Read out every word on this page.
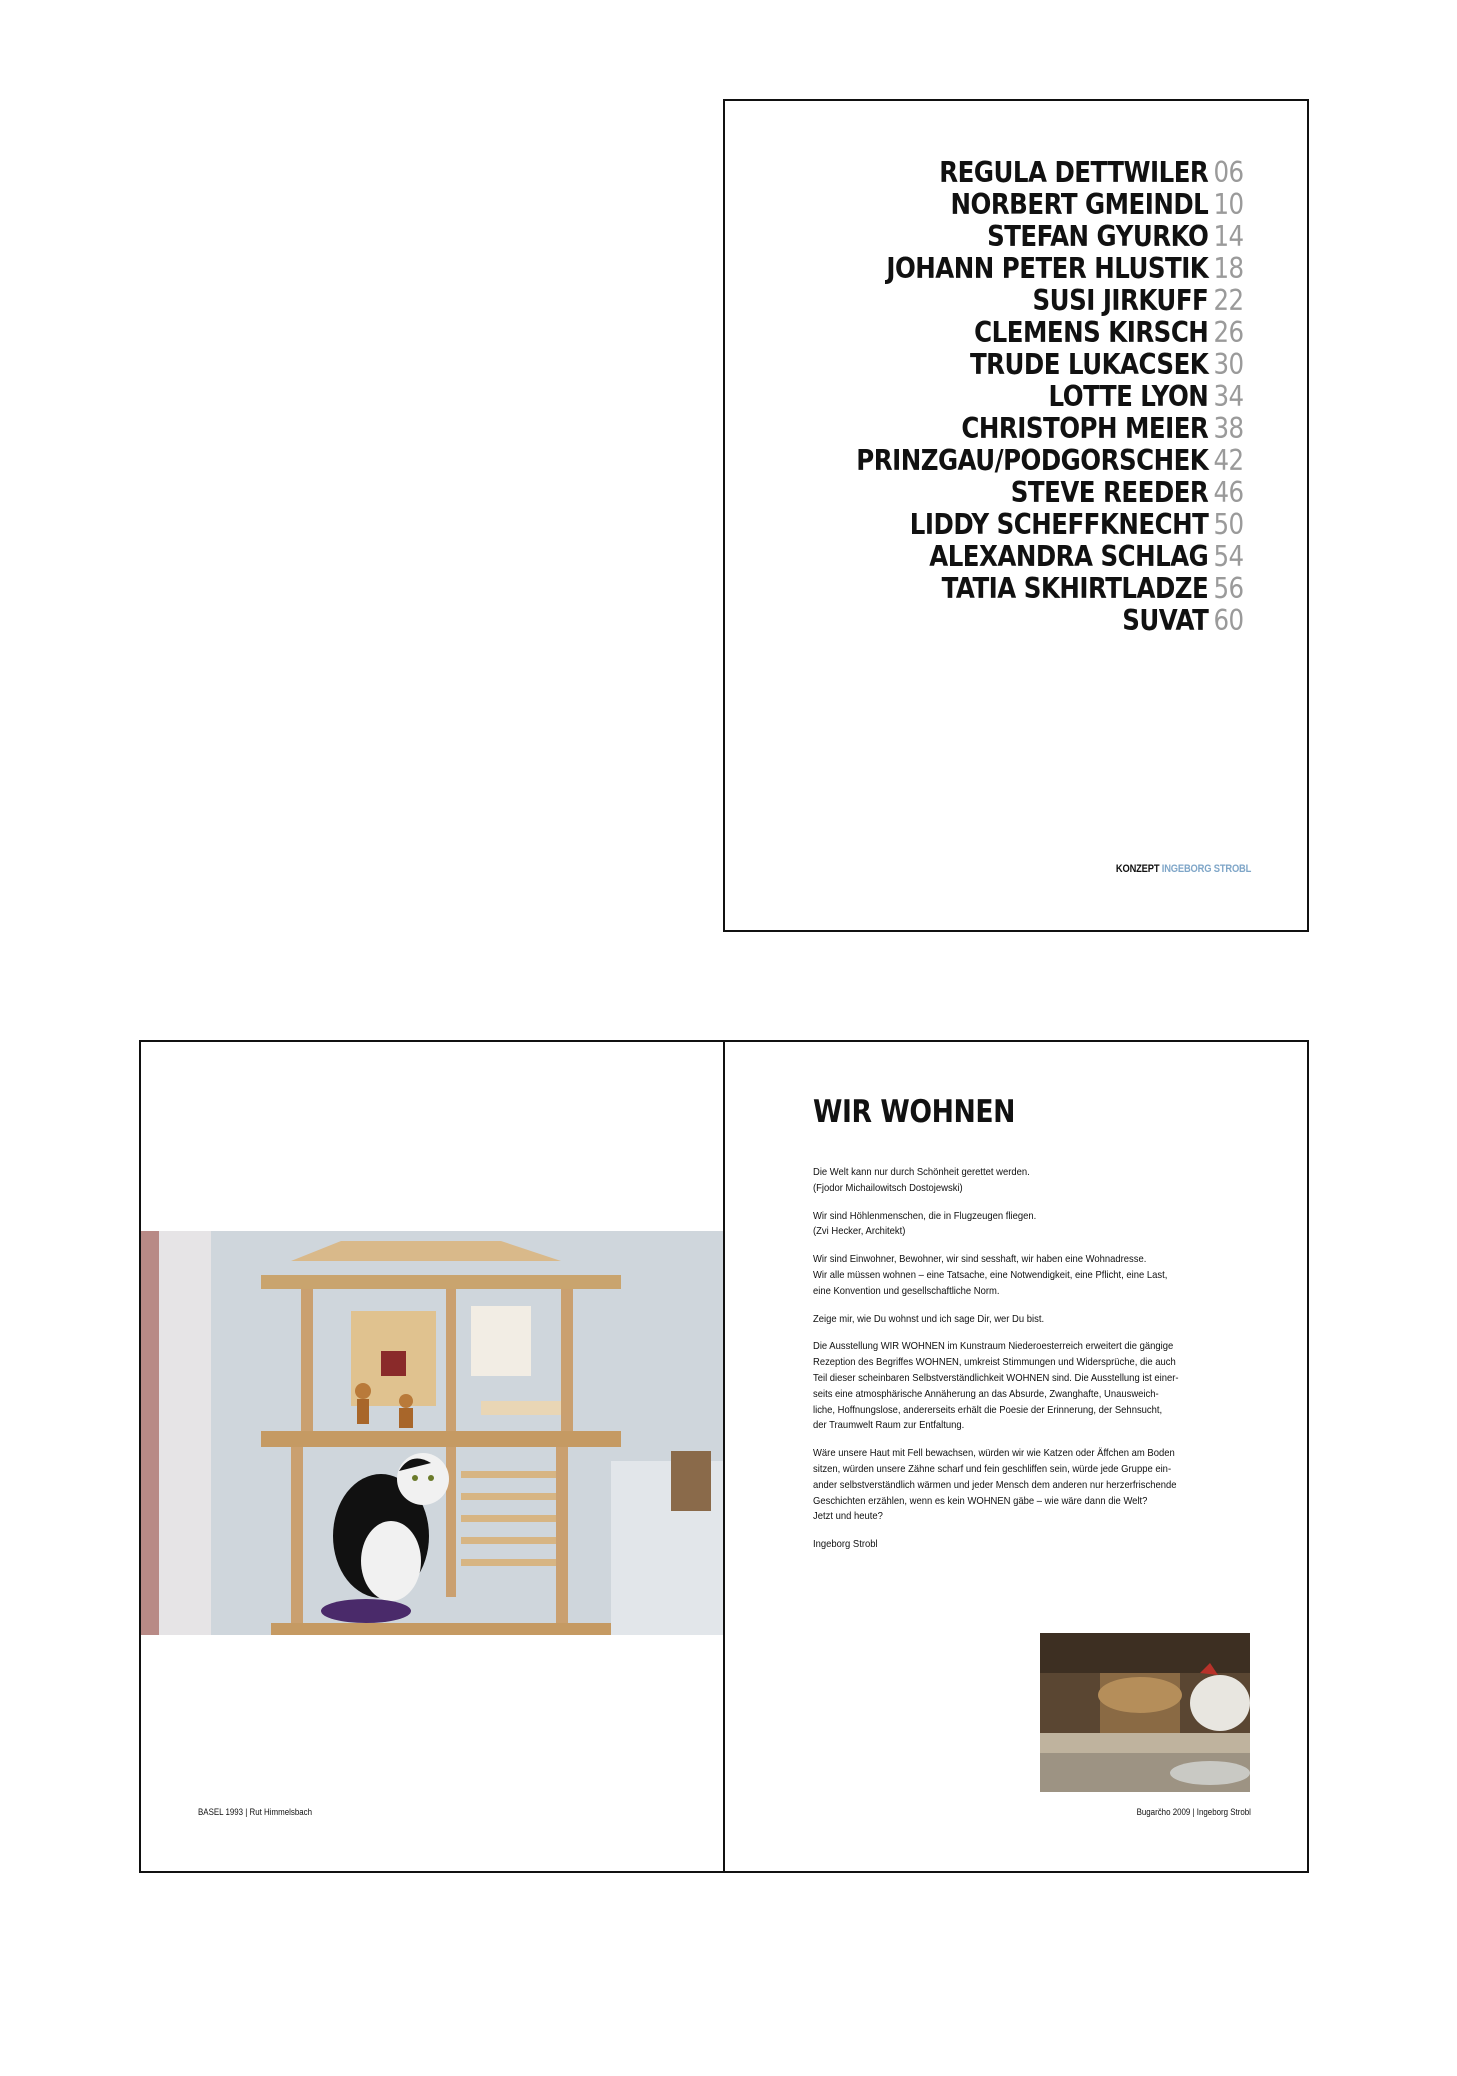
REGULA DETTWILER 06
NORBERT GMEINDL 10
STEFAN GYURKO 14
JOHANN PETER HLUSTIK 18
SUSI JIRKUFF 22
CLEMENS KIRSCH 26
TRUDE LUKACSEK 30
LOTTE LYON 34
CHRISTOPH MEIER 38
PRINZGAU/PODGORSCHEK 42
STEVE REEDER 46
LIDDY SCHEFFKNECHT 50
ALEXANDRA SCHLAG 54
TATIA SKHIRTLADZE 56
SUVAT 60
KONZEPT INGEBORG STROBL
BASEL 1993 | Rut Himmelsbach
WIR WOHNEN

Die Welt kann nur durch Schönheit gerettet werden.
(Fjodor Michailowitsch Dostojewski)

Wir sind Höhlenmenschen, die in Flugzeugen fliegen.
(Zvi Hecker, Architekt)

Wir sind Einwohner, Bewohner, wir sind sesshaft, wir haben eine Wohnadresse.
Wir alle müssen wohnen – eine Tatsache, eine Notwendigkeit, eine Pflicht, eine Last,
eine Konvention und gesellschaftliche Norm.

Zeige mir, wie Du wohnst und ich sage Dir, wer Du bist.

Die Ausstellung WIR WOHNEN im Kunstraum Niederoesterreich erweitert die gängige
Rezeption des Begriffes WOHNEN, umkreist Stimmungen und Widersprüche, die auch
Teil dieser scheinbaren Selbstverständlichkeit WOHNEN sind. Die Ausstellung ist einer-
seits eine atmosphärische Annäherung an das Absurde, Zwanghafte, Unausweich-
liche, Hoffnungslose, andererseits erhält die Poesie der Erinnerung, der Sehnsucht,
der Traumwelt Raum zur Entfaltung.

Wäre unsere Haut mit Fell bewachsen, würden wir wie Katzen oder Äffchen am Boden
sitzen, würden unsere Zähne scharf und fein geschliffen sein, würde jede Gruppe ein-
ander selbstverständlich wärmen und jeder Mensch dem anderen nur herzerfrischende
Geschichten erzählen, wenn es kein WOHNEN gäbe – wie wäre dann die Welt?
Jetzt und heute?

Ingeborg Strobl

Bugarčho 2009 | Ingeborg Strobl
